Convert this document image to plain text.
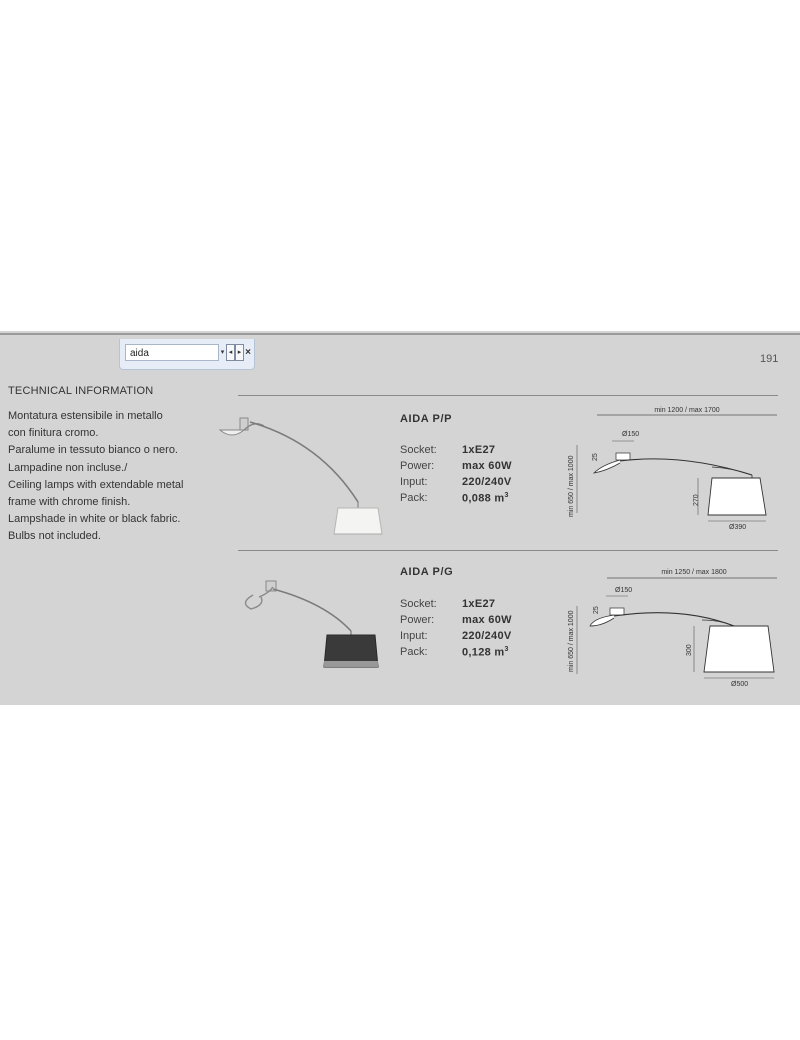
aida	▾ ◂ ▸ ×
191
TECHNICAL INFORMATION
Montatura estensibile in metallo
con finitura cromo.
Paralume in tessuto bianco o nero.
Lampadine non incluse./
Ceiling lamps with extendable metal
frame with chrome finish.
Lampshade in white or black fabric.
Bulbs not included.
AIDA P/P
Socket: 1xE27
Power:	max 60W
Input:	220/240V
Pack:	0,088 $m^3$
min 1200 / max 1700
Ø150
min 650 / max 1000 25
270
Ø390
AIDA P/G
Socket: 1xE27
Power:	max 60W
Input:	220/240V
Pack:	0,128 $m^3$
min 1250 / max 1800
Ø150
min 650 / max 1000
25
300
Ø500
